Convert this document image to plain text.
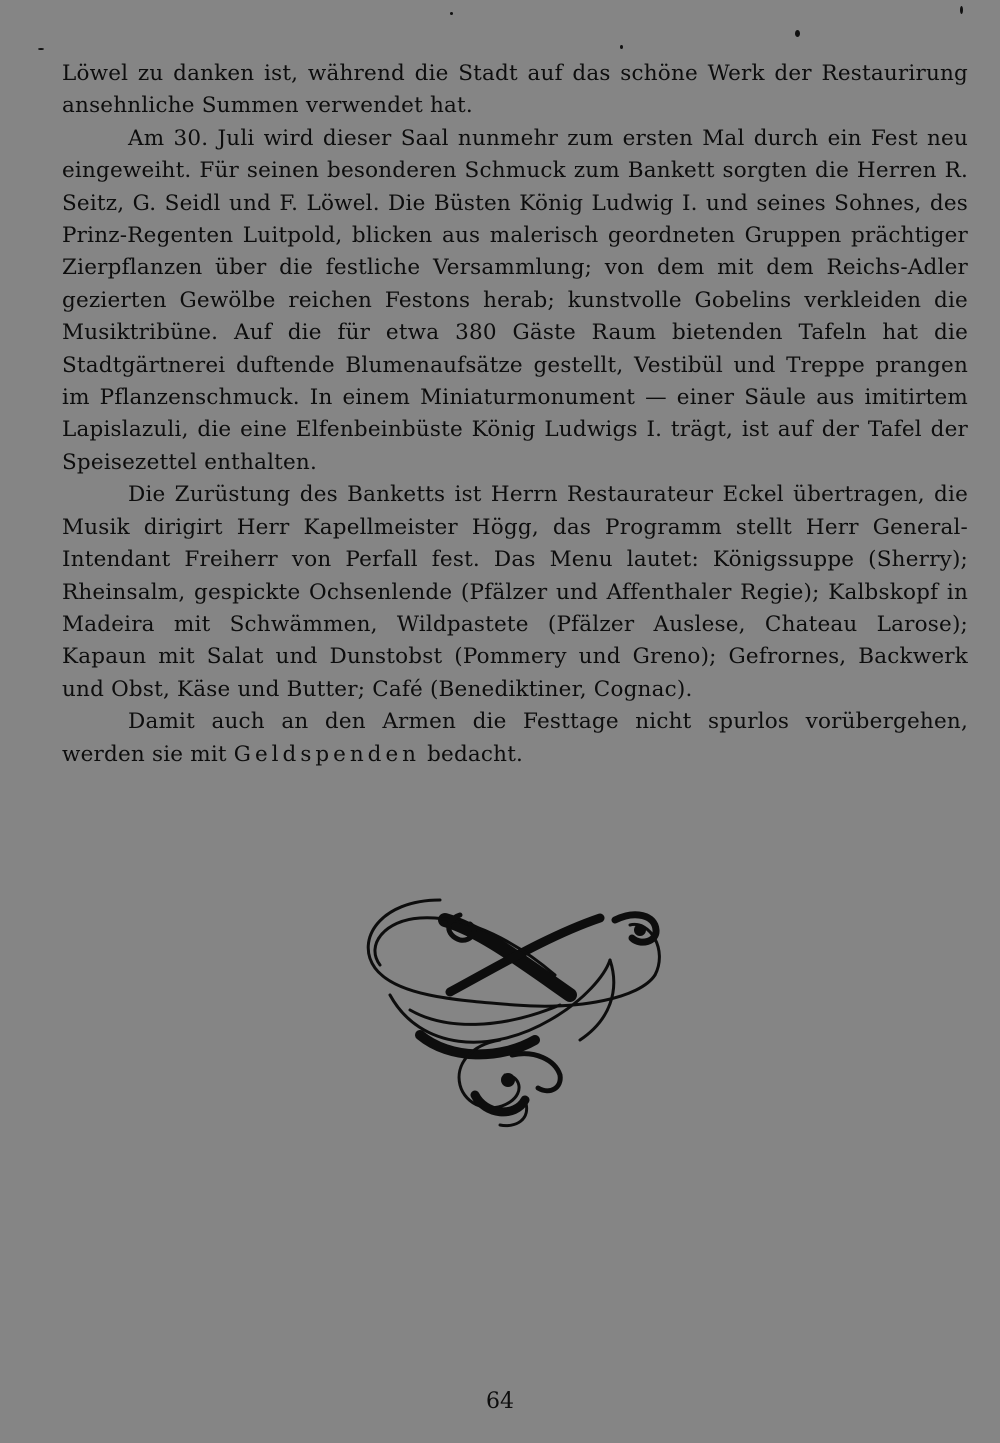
Löwel zu danken ist, während die Stadt auf das schöne Werk der Restaurirung ansehnliche Summen verwendet hat.

Am 30. Juli wird dieser Saal nunmehr zum ersten Mal durch ein Fest neu eingeweiht. Für seinen besonderen Schmuck zum Bankett sorgten die Herren R. Seitz, G. Seidl und F. Löwel. Die Büsten König Ludwig I. und seines Sohnes, des Prinz-Regenten Luitpold, blicken aus malerisch geordneten Gruppen prächtiger Zierpflanzen über die festliche Versammlung; von dem mit dem Reichs-Adler gezierten Gewölbe reichen Festons herab; kunstvolle Gobelins verkleiden die Musiktribüne. Auf die für etwa 380 Gäste Raum bietenden Tafeln hat die Stadtgärtnerei duftende Blumenaufsätze gestellt, Vestibül und Treppe prangen im Pflanzenschmuck. In einem Miniaturmonument — einer Säule aus imitirtem Lapislazuli, die eine Elfenbeinbüste König Ludwigs I. trägt, ist auf der Tafel der Speisezettel enthalten.

Die Zurüstung des Banketts ist Herrn Restaurateur Eckel übertragen, die Musik dirigirt Herr Kapellmeister Högg, das Programm stellt Herr General-Intendant Freiherr von Perfall fest. Das Menu lautet: Königssuppe (Sherry); Rheinsalm, gespickte Ochsenlende (Pfälzer und Affenthaler Regie); Kalbskopf in Madeira mit Schwämmen, Wildpastete (Pfälzer Auslese, Chateau Larose); Kapaun mit Salat und Dunstobst (Pommery und Greno); Gefrornes, Backwerk und Obst, Käse und Butter; Café (Benediktiner, Cognac).

Damit auch an den Armen die Festtage nicht spurlos vorübergehen, werden sie mit Geldspenden bedacht.

64
